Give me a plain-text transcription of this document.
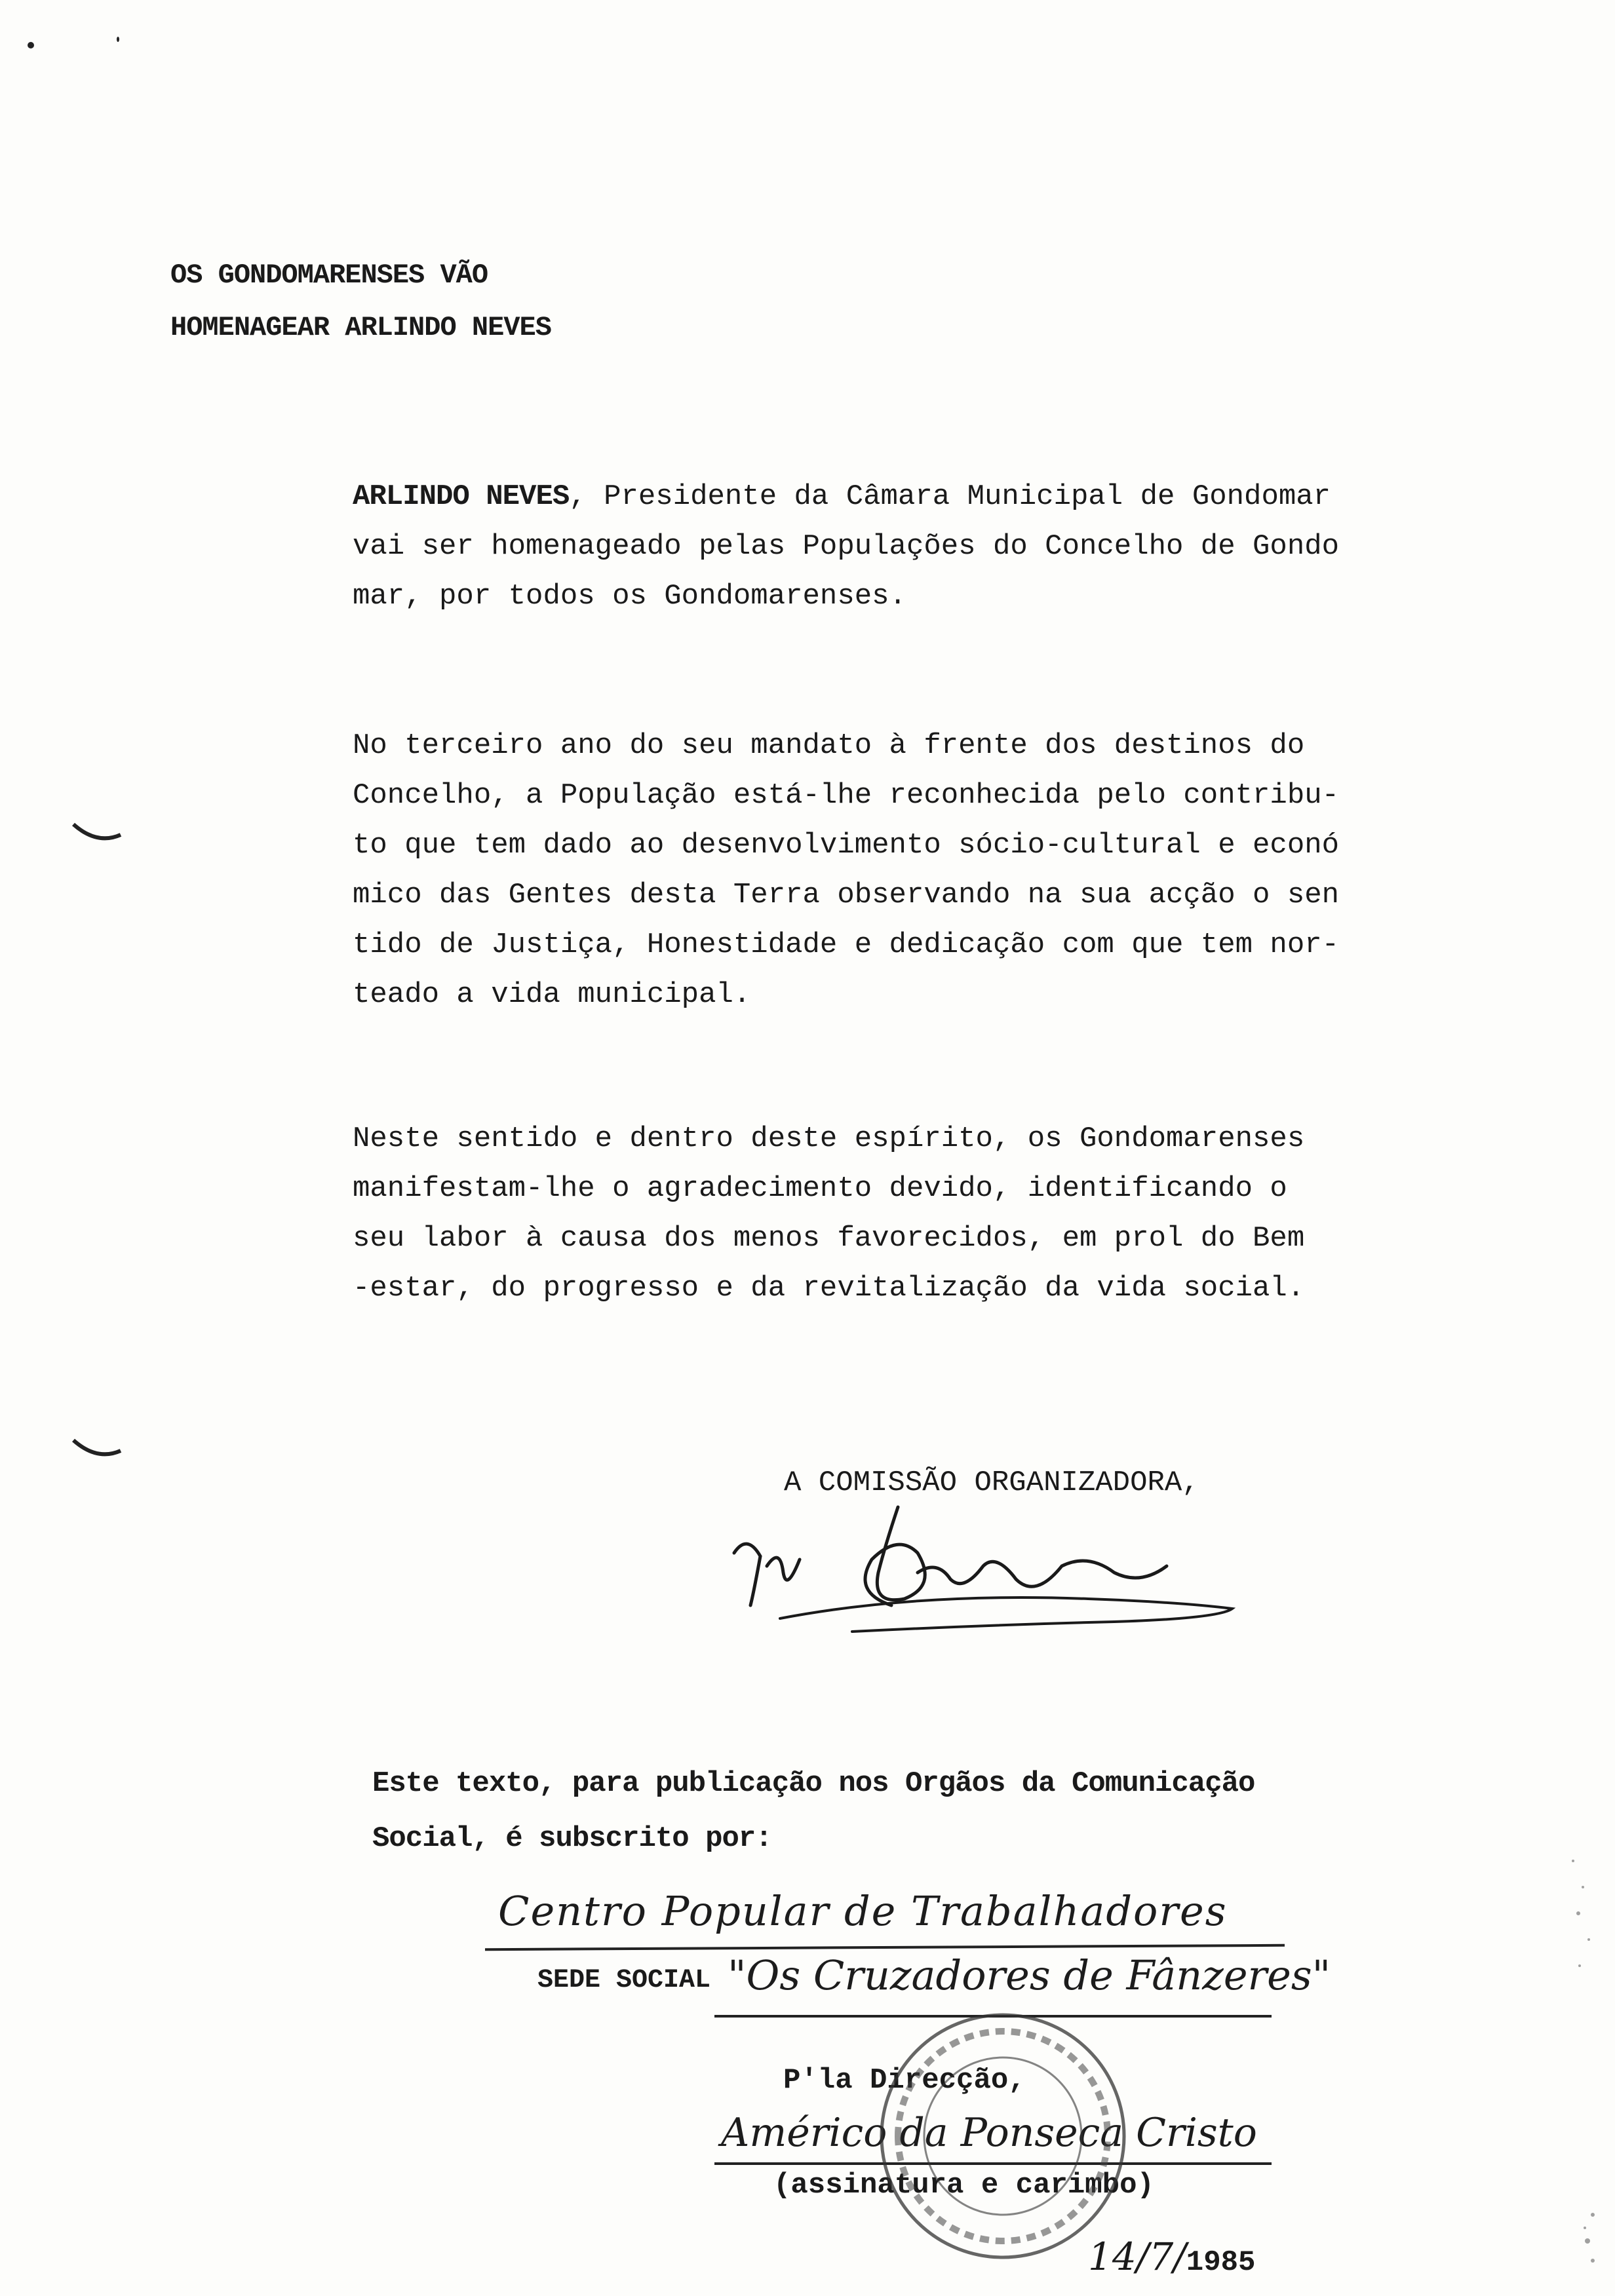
OS GONDOMARENSES VÃO
HOMENAGEAR ARLINDO NEVES
ARLINDO NEVES, Presidente da Câmara Municipal de Gondomar
vai ser homenageado pelas Populações do Concelho de Gondo
mar, por todos os Gondomarenses.
No terceiro ano do seu mandato à frente dos destinos do
Concelho, a População está-lhe reconhecida pelo contribu-
to que tem dado ao desenvolvimento sócio-cultural e econó
mico das Gentes desta Terra observando na sua acção o sen
tido de Justiça, Honestidade e dedicação com que tem nor-
teado a vida municipal.
Neste sentido e dentro deste espírito, os Gondomarenses
manifestam-lhe o agradecimento devido, identificando o
seu labor à causa dos menos favorecidos, em prol do Bem
-estar, do progresso e da revitalização da vida social.
A COMISSÃO ORGANIZADORA,
Este texto, para publicação nos Orgãos da Comunicação
Social, é subscrito por:
Centro Popular de Trabalhadores
SEDE SOCIAL "Os Cruzadores de Fânzeres"
P'la Direcção,
Américo da Ponseca Cristo
(assinatura e carimbo)
14/7/1985
